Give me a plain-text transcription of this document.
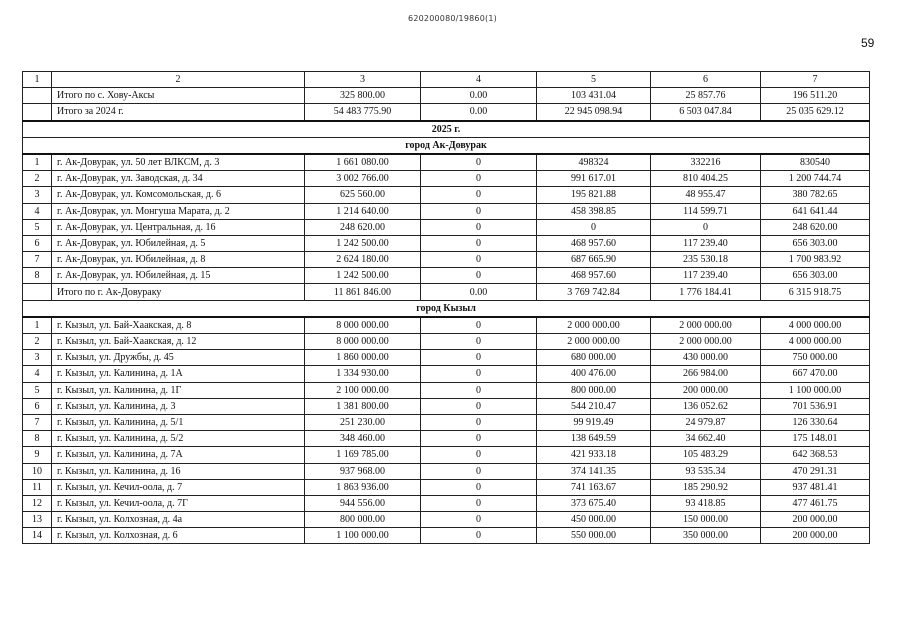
620200080/19860(1)
59
1	2	3	4	5	6	7
	Итого по с. Хову-Аксы	325 800.00	0.00	103 431.04	25 857.76	196 511.20
	Итого за 2024 г.	54 483 775.90	0.00	22 945 098.94	6 503 047.84	25 035 629.12
2025 г.						
город Ак-Довурак						
1	г. Ак-Довурак, ул. 50 лет ВЛКСМ, д. 3	1 661 080.00	0	498324	332216	830540
2	г. Ак-Довурак, ул. Заводская, д. 34	3 002 766.00	0	991 617.01	810 404.25	1 200 744.74
3	г. Ак-Довурак, ул. Комсомольская, д. 6	625 560.00	0	195 821.88	48 955.47	380 782.65
4	г. Ак-Довурак, ул. Монгуша Марата, д. 2	1 214 640.00	0	458 398.85	114 599.71	641 641.44
5	г. Ак-Довурак, ул. Центральная, д. 16	248 620.00	0	0	0	248 620.00
6	г. Ак-Довурак, ул. Юбилейная, д. 5	1 242 500.00	0	468 957.60	117 239.40	656 303.00
7	г. Ак-Довурак, ул. Юбилейная, д. 8	2 624 180.00	0	687 665.90	235 530.18	1 700 983.92
8	г. Ак-Довурак, ул. Юбилейная, д. 15	1 242 500.00	0	468 957.60	117 239.40	656 303.00
	Итого по г. Ак-Довураку	11 861 846.00	0.00	3 769 742.84	1 776 184.41	6 315 918.75
город Кызыл						
1	г. Кызыл, ул. Бай-Хаакская, д. 8	8 000 000.00	0	2 000 000.00	2 000 000.00	4 000 000.00
2	г. Кызыл, ул. Бай-Хаакская, д. 12	8 000 000.00	0	2 000 000.00	2 000 000.00	4 000 000.00
3	г. Кызыл, ул. Дружбы, д. 45	1 860 000.00	0	680 000.00	430 000.00	750 000.00
4	г. Кызыл, ул. Калинина, д. 1А	1 334 930.00	0	400 476.00	266 984.00	667 470.00
5	г. Кызыл, ул. Калинина, д. 1Г	2 100 000.00	0	800 000.00	200 000.00	1 100 000.00
6	г. Кызыл, ул. Калинина, д. 3	1 381 800.00	0	544 210.47	136 052.62	701 536.91
7	г. Кызыл, ул. Калинина, д. 5/1	251 230.00	0	99 919.49	24 979.87	126 330.64
8	г. Кызыл, ул. Калинина, д. 5/2	348 460.00	0	138 649.59	34 662.40	175 148.01
9	г. Кызыл, ул. Калинина, д. 7А	1 169 785.00	0	421 933.18	105 483.29	642 368.53
10	г. Кызыл, ул. Калинина, д. 16	937 968.00	0	374 141.35	93 535.34	470 291.31
11	г. Кызыл, ул. Кечил-оола, д. 7	1 863 936.00	0	741 163.67	185 290.92	937 481.41
12	г. Кызыл, ул. Кечил-оола, д. 7Г	944 556.00	0	373 675.40	93 418.85	477 461.75
13	г. Кызыл, ул. Колхозная, д. 4а	800 000.00	0	450 000.00	150 000.00	200 000.00
14	г. Кызыл, ул. Колхозная, д. 6	1 100 000.00	0	550 000.00	350 000.00	200 000.00
